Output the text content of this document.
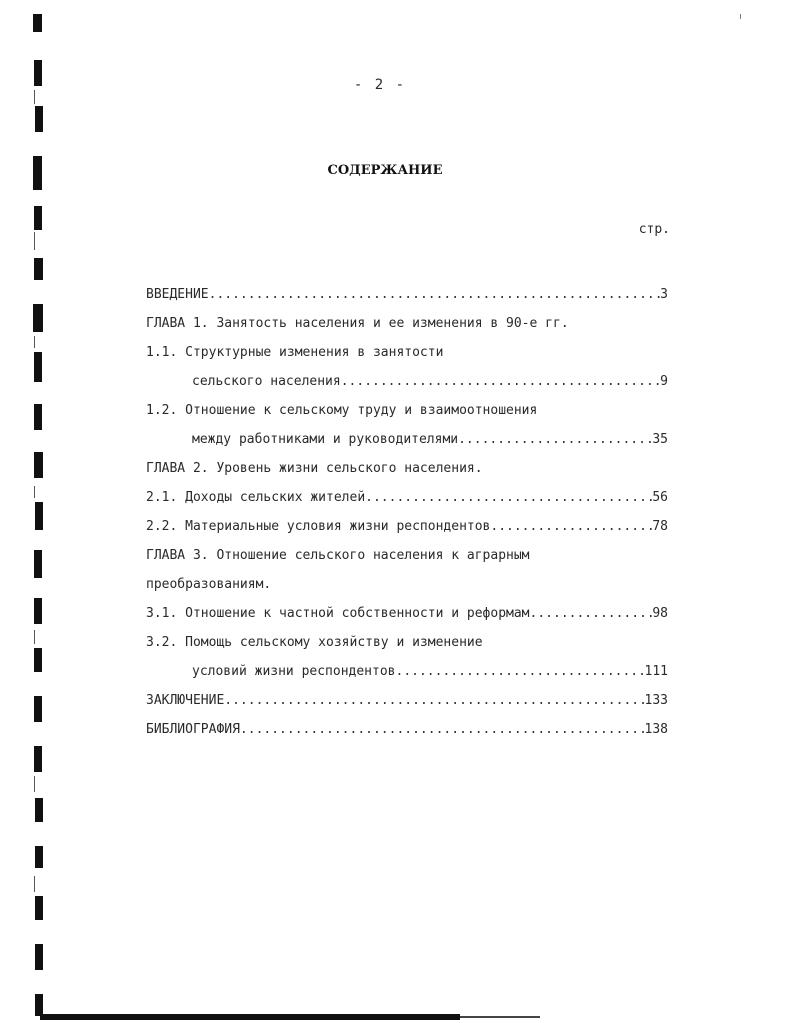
- 2 -
СОДЕРЖАНИЕ
стр.
ВВЕДЕНИЕ .....	3
ГЛАВА 1. Занятость населения и ее изменения в 90-е гг.
1.1. Структурные изменения в занятости
сельского населения .....	9
1.2. Отношение к сельскому труду и взаимоотношения
между работниками и руководителями .....	35
ГЛАВА 2. Уровень жизни сельского населения.
2.1. Доходы сельских жителей .....	56
2.2. Материальные условия жизни респондентов .....	78
ГЛАВА 3. Отношение сельского населения к аграрным
преобразованиям.
3.1. Отношение к частной собственности и реформам .....	98
3.2. Помощь сельскому хозяйству и изменение
условий жизни респондентов .....	111
ЗАКЛЮЧЕНИЕ .....	133
БИБЛИОГРАФИЯ .....	138
